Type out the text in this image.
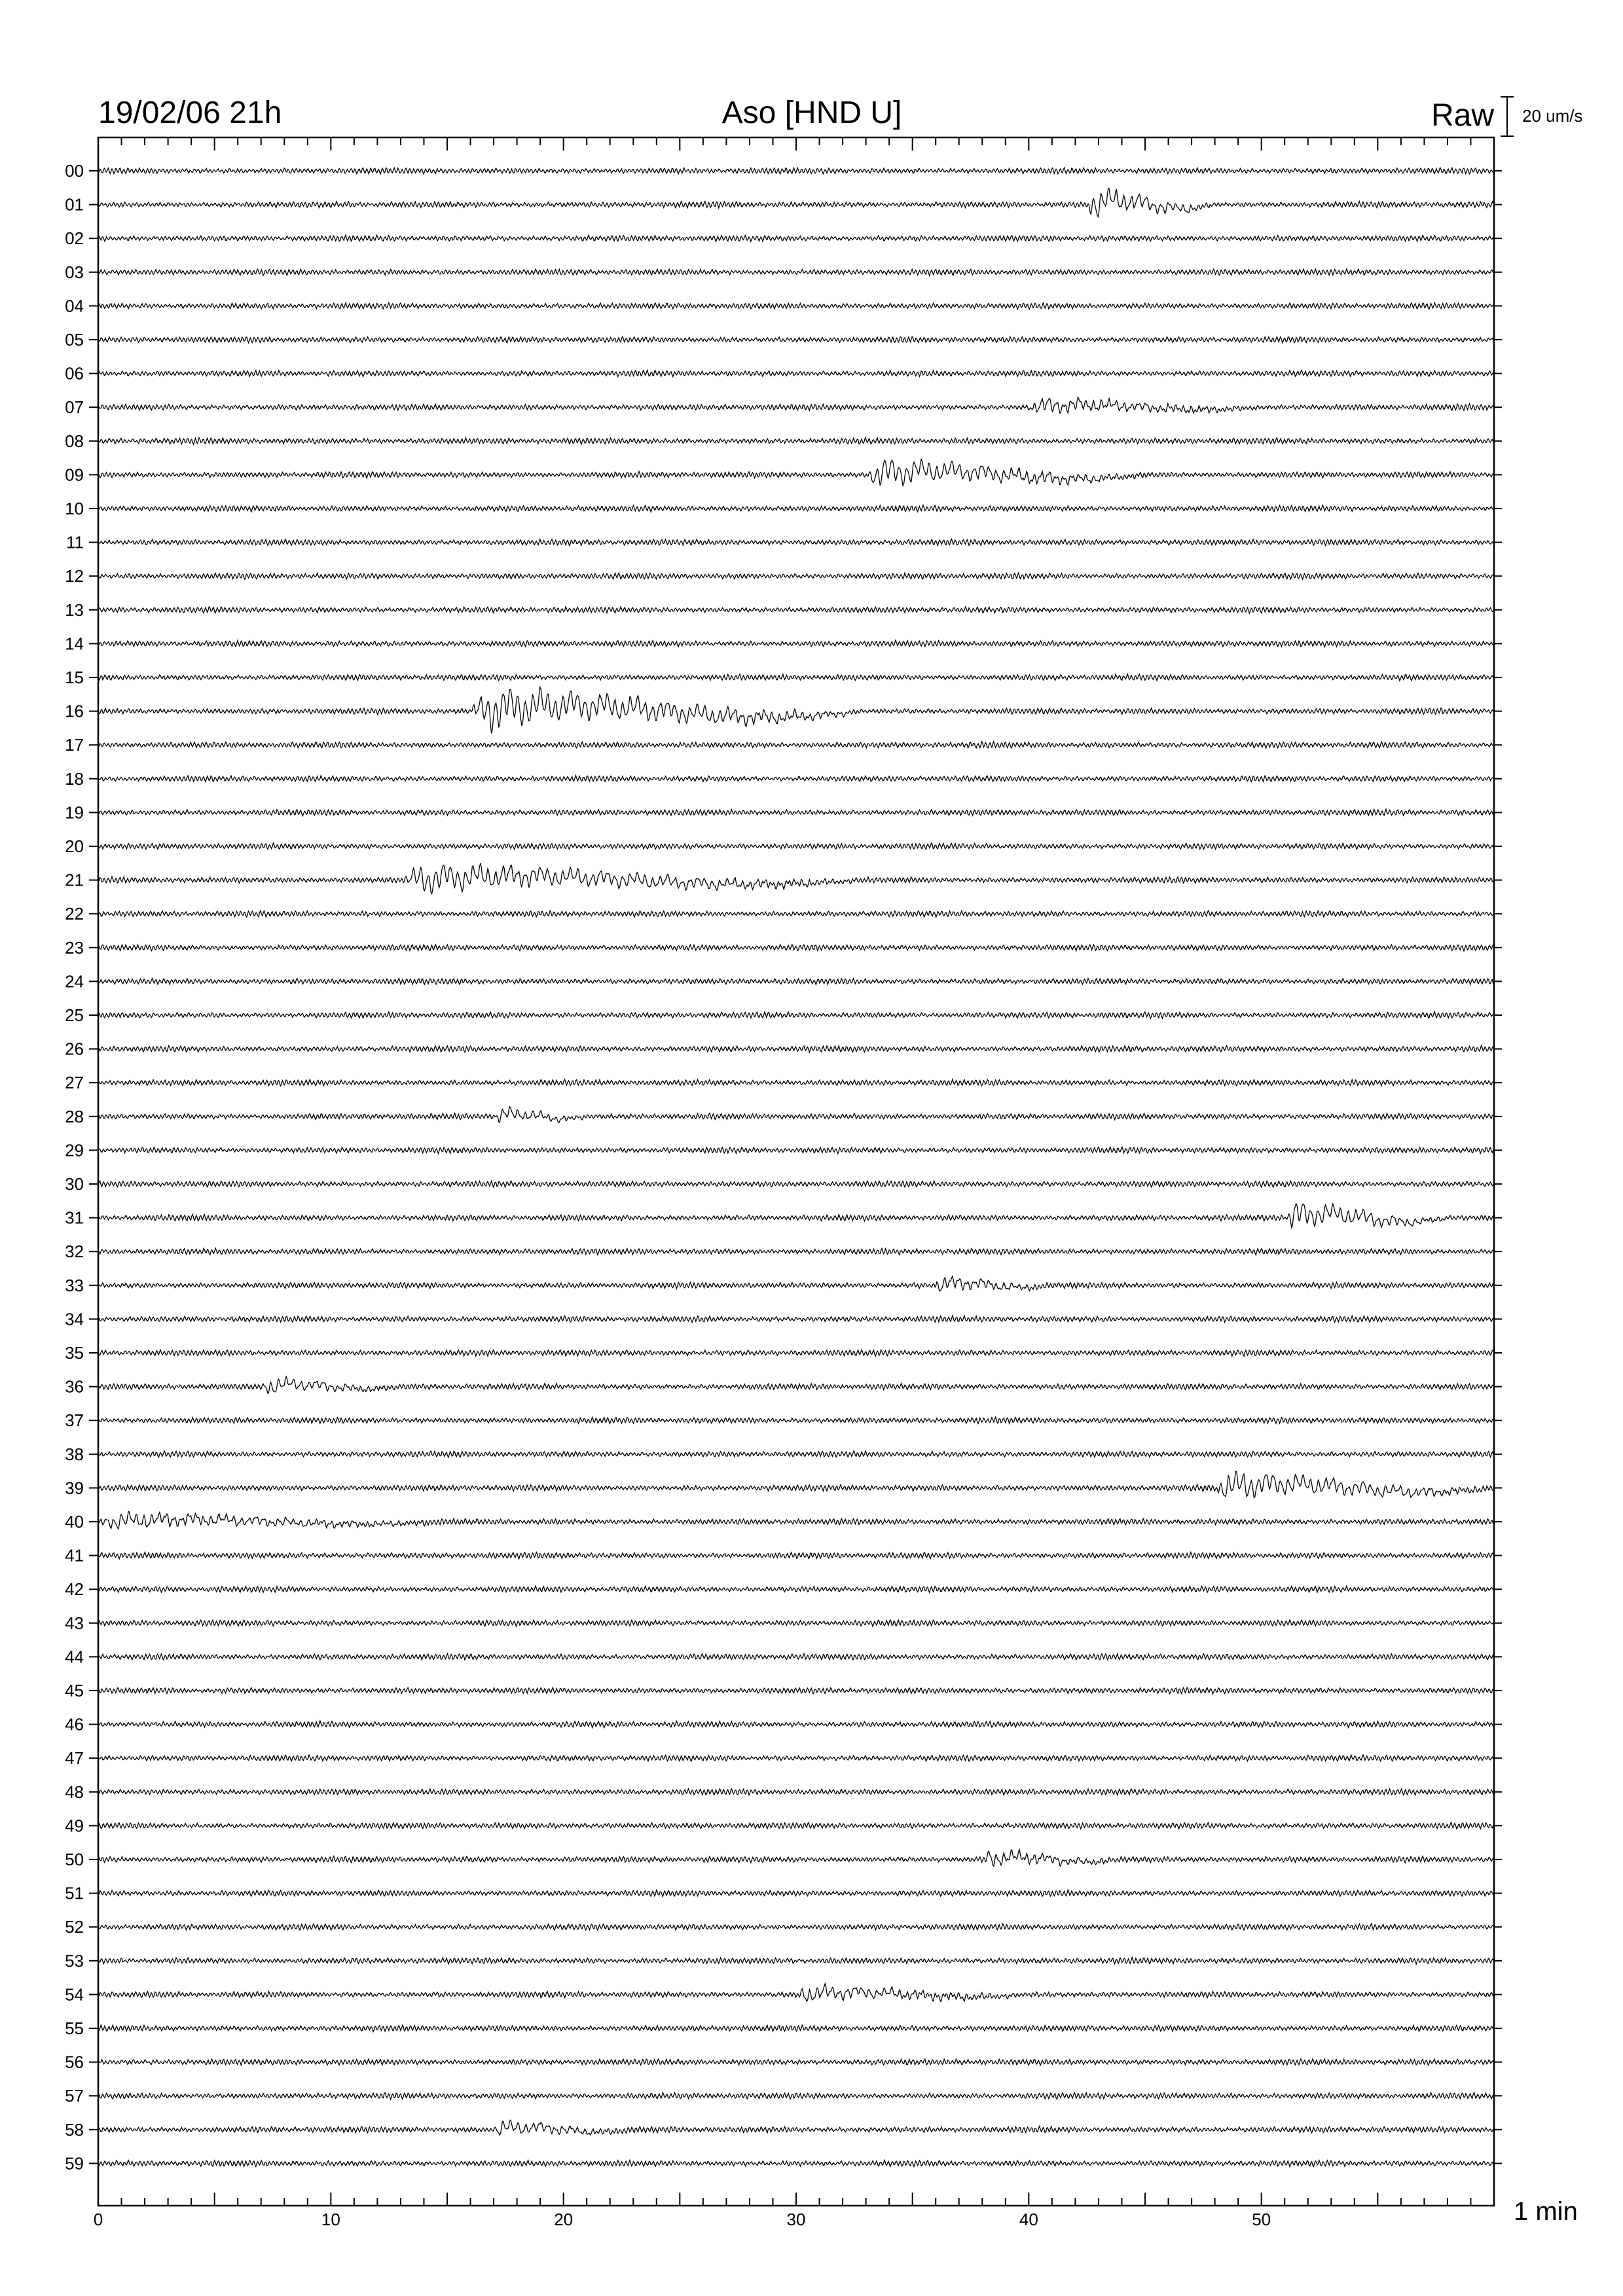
19/02/06 21h	Aso [HND U]	Raw 20 um/s
00
01
02
03
04
05
06
07
08
09
10
11
12
13
14
15
16
17
18
19
20
21
22
23
24
25
26
27
28
29
30
31
32
33
34
35
36
37
38
39
40
41
42
43
44
45
46
47
48
49
50
51
52
53
54
55
56
57
58
59
0	10	20	30	40	50	1 min
